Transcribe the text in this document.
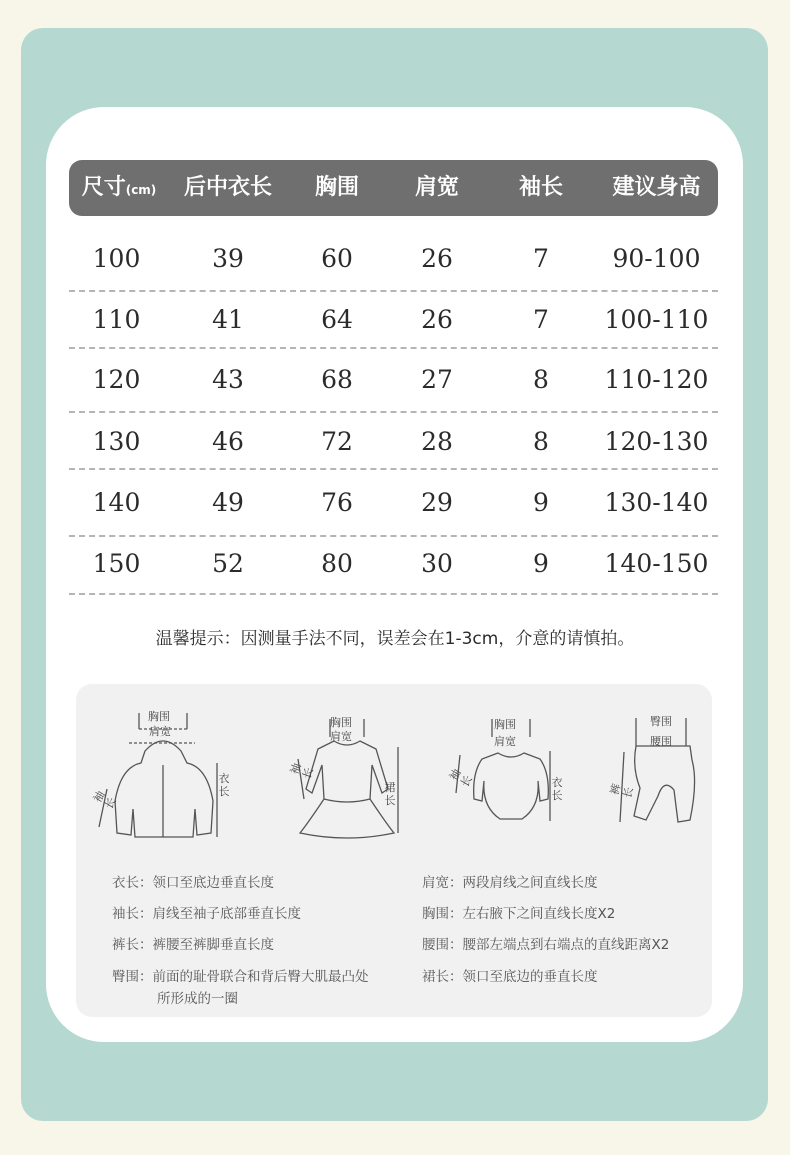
尺寸(cm)	后中衣长	胸围	肩宽	袖长	建议身高
100	39	60	26	7	90-100
110	41	64	26	7	100-110
120	43	68	27	8	110-120
130	46	72	28	8	120-130
140	49	76	29	9	130-140
150	52	80	30	9	140-150
温馨提示：因测量手法不同，误差会在1-3cm，介意的请慎拍。
胸围
肩宽
袖长
衣长
胸围
肩宽
袖长
裙长
胸围
肩宽
袖长	衣长
臀围
腰围
裤长
衣长：领口至底边垂直长度
袖长：肩线至袖子底部垂直长度
裤长：裤腰至裤脚垂直长度
臀围：前面的耻骨联合和背后臀大肌最凸处
所形成的一圈
肩宽：两段肩线之间直线长度
胸围：左右腋下之间直线长度X2
腰围：腰部左端点到右端点的直线距离X2
裙长：领口至底边的垂直长度
